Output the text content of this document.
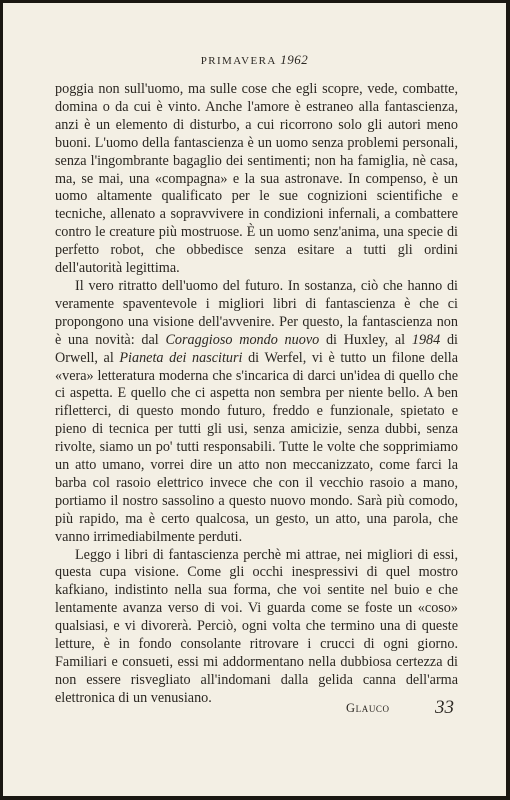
PRIMAVERA 1962

poggia non sull'uomo, ma sulle cose che egli scopre, vede, combatte, domina o da cui è vinto. Anche l'amore è estraneo alla fantascienza, anzi è un elemento di disturbo, a cui ricorrono solo gli autori meno buoni. L'uomo della fantascienza è un uomo senza problemi personali, senza l'ingombrante bagaglio dei sentimenti; non ha famiglia, nè casa, ma, se mai, una «compagna» e la sua astronave. In compenso, è un uomo altamente qualificato per le sue cognizioni scientifiche e tecniche, allenato a sopravvivere in condizioni infernali, a combattere contro le creature più mostruose. È un uomo senz'anima, una specie di perfetto robot, che obbedisce senza esitare a tutti gli ordini dell'autorità legittima.

Il vero ritratto dell'uomo del futuro. In sostanza, ciò che hanno di veramente spaventevole i migliori libri di fantascienza è che ci propongono una visione dell'avvenire. Per questo, la fantascienza non è una novità: dal Coraggioso mondo nuovo di Huxley, al 1984 di Orwell, al Pianeta dei nascituri di Werfel, vi è tutto un filone della «vera» letteratura moderna che s'incarica di darci un'idea di quello che ci aspetta. E quello che ci aspetta non sembra per niente bello. A ben rifletterci, di questo mondo futuro, freddo e funzionale, spietato e pieno di tecnica per tutti gli usi, senza amicizie, senza dubbi, senza rivolte, siamo un po' tutti responsabili. Tutte le volte che sopprimiamo un atto umano, vorrei dire un atto non meccanizzato, come farci la barba col rasoio elettrico invece che con il vecchio rasoio a mano, portiamo il nostro sassolino a questo nuovo mondo. Sarà più comodo, più rapido, ma è certo qualcosa, un gesto, un atto, una parola, che vanno irrimediabilmente perduti.

Leggo i libri di fantascienza perchè mi attrae, nei migliori di essi, questa cupa visione. Come gli occhi inespressivi di quel mostro kafkiano, indistinto nella sua forma, che voi sentite nel buio e che lentamente avanza verso di voi. Vi guarda come se foste un «coso» qualsiasi, e vi divorerà. Perciò, ogni volta che termino una di queste letture, è in fondo consolante ritrovare i crucci di ogni giorno. Familiari e consueti, essi mi addormentano nella dubbiosa certezza di non essere risvegliato all'indomani dalla gelida canna dell'arma elettronica di un venusiano.

Glauco 33
